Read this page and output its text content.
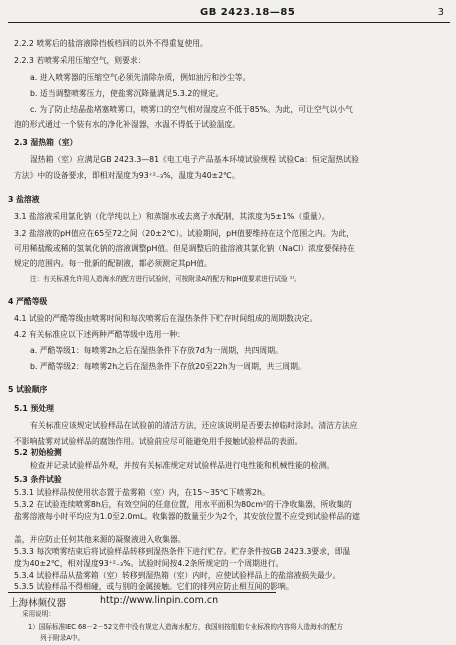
GB 2423.18—85	3
2.2.2 喷雾后的盐溶液除挡板档回的以外不得重复使用。
2.2.3 若喷雾采用压缩空气，则要求：
a. 进入喷雾器的压缩空气必须先清除杂质，例如油污和沙尘等。
b. 适当调整喷雾压力，使盐雾沉降量满足5.3.2的规定。
c. 为了防止结晶盐堵塞喷雾口，喷雾口的空气相对湿度应不低于85%。为此，可让空气以小气
泡的形式通过一个装有水的净化补湿器，水温不得低于试验温度。
2.3 湿热箱（室）
湿热箱（室）应满足GB 2423.3—81《电工电子产品基本环境试验规程 试验Ca：恒定湿热试验
方法》中的设备要求，即相对湿度为93⁺²₋₃%，温度为40±2℃。
3 盐溶液
3.1 盐溶液采用氯化钠（化学纯以上）和蒸馏水或去离子水配制，其浓度为5±1%（重量）。
3.2 盐溶液的pH值应在65至72之间（20±2℃）。试验期间，pH值要维持在这个范围之内。为此，
可用稀盐酸或稀的氢氧化钠的溶液调整pH值。但是调整后的盐溶液其氯化钠（NaCl）浓度要保持在
规定的范围内。每一批新的配制液，都必须测定其pH值。
注：有关标准允许用人造海水的配方进行试验时，可按附录A的配方和pH值要求进行试验 ¹⁾。
4 严酷等级
4.1 试验的严酷等级由喷雾时间和每次喷雾后在湿热条件下贮存时间组成的周期数决定。
4.2 有关标准应以下述两种严酷等级中选用一种：
a. 严酷等级1：每喷雾2h之后在湿热条件下存放7d为一周期，共四周期。
b. 严酷等级2：每喷雾2h之后在湿热条件下存放20至22h为一周期，共三周期。
5 试验顺序
5.1 预处理
有关标准应该规定试验样品在试验前的清洁方法，还应该说明是否要去掉临时涂封。清洁方法应
不影响盐雾对试验样品的腐蚀作用。试验前应尽可能避免用手接触试验样品的表面。
5.2 初始检测
检查并记录试验样品外观，并按有关标准规定对试验样品进行电性能和机械性能的检测。
5.3 条件试验
5.3.1 试验样品按使用状态置于盐雾箱（室）内，在15～35℃下喷雾2h。
5.3.2 在试验连续喷雾8h后，有效空间的任意位置，用水平面积为80cm²的干净收集器，所收集的
盐雾溶液每小时平均应为1.0至2.0mL。收集器的数量至少为2个，其安放位置不应受到试验样品的遮
盖，并应防止任何其他来源的凝聚液进入收集器。
5.3.3 每次喷雾结束后将试验样品转移到湿热条件下进行贮存。贮存条件按GB 2423.3要求，即温
度为40±2℃，相对湿度93⁺²₋₃%。试验时间按4.2条所规定的一个周期进行。
5.3.4 试验样品从盐雾箱（室）转移到湿热箱（室）内时，应使试验样品上的盐溶液损失最少。
5.3.5 试验样品不得相碰，或与别的金属接触。它们的排列应防止相互间的影响。
上海林频仪器	http://www.linpin.com.cn
采用说明：
1）国际标准IEC 68－2－52文件中没有规定人造海水配方，我国则按船舶专业标准的内容将人造海水的配方
列于附录A中。
